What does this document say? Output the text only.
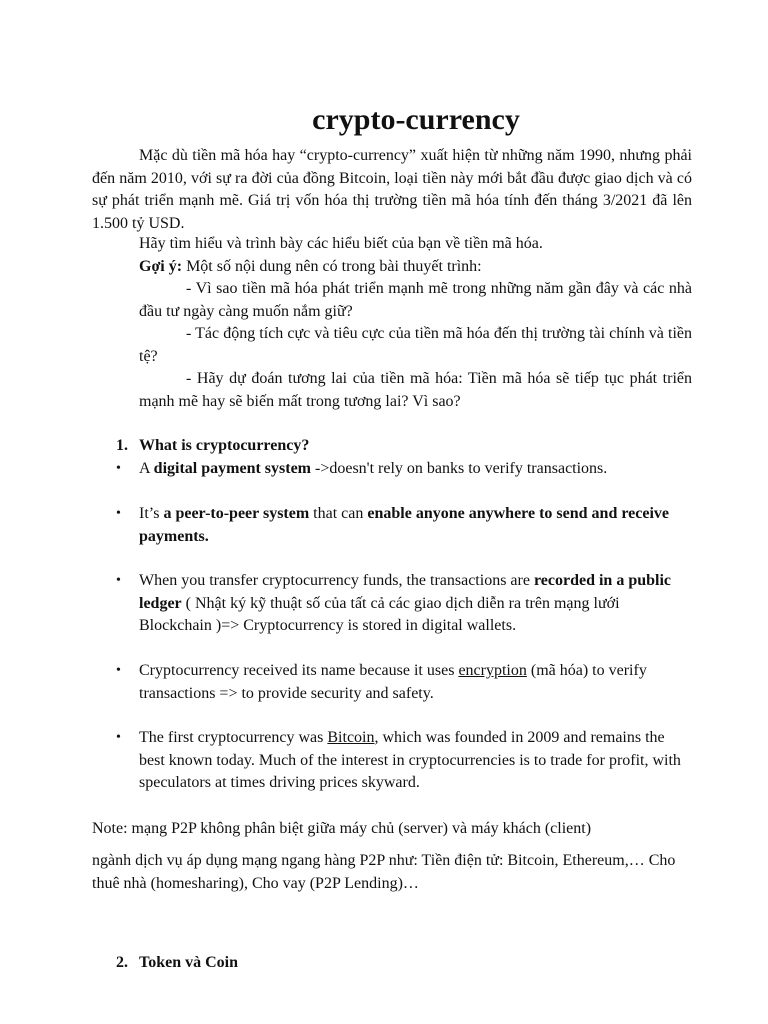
crypto-currency
Mặc dù tiền mã hóa hay “crypto-currency” xuất hiện từ những năm 1990, nhưng phải đến năm 2010, với sự ra đời của đồng Bitcoin, loại tiền này mới bắt đầu được giao dịch và có sự phát triển mạnh mẽ. Giá trị vốn hóa thị trường tiền mã hóa tính đến tháng 3/2021 đã lên 1.500 tỷ USD.
Hãy tìm hiểu và trình bày các hiểu biết của bạn về tiền mã hóa.
Gợi ý: Một số nội dung nên có trong bài thuyết trình:
- Vì sao tiền mã hóa phát triển mạnh mẽ trong những năm gần đây và các nhà đầu tư ngày càng muốn nắm giữ?
- Tác động tích cực và tiêu cực của tiền mã hóa đến thị trường tài chính và tiền tệ?
- Hãy dự đoán tương lai của tiền mã hóa: Tiền mã hóa sẽ tiếp tục phát triển mạnh mẽ hay sẽ biến mất trong tương lai? Vì sao?
1. What is cryptocurrency?
• A digital payment system ->doesn't rely on banks to verify transactions.
• It’s a peer-to-peer system that can enable anyone anywhere to send and receive payments.
• When you transfer cryptocurrency funds, the transactions are recorded in a public ledger ( Nhật ký kỹ thuật số của tất cả các giao dịch diễn ra trên mạng lưới Blockchain )=> Cryptocurrency is stored in digital wallets.
• Cryptocurrency received its name because it uses encryption (mã hóa) to verify transactions => to provide security and safety.
• The first cryptocurrency was Bitcoin, which was founded in 2009 and remains the best known today. Much of the interest in cryptocurrencies is to trade for profit, with speculators at times driving prices skyward.
Note: mạng P2P không phân biệt giữa máy chủ (server) và máy khách (client)
ngành dịch vụ áp dụng mạng ngang hàng P2P như: Tiền điện tử: Bitcoin, Ethereum,… Cho thuê nhà (homesharing), Cho vay (P2P Lending)…
2. Token và Coin
